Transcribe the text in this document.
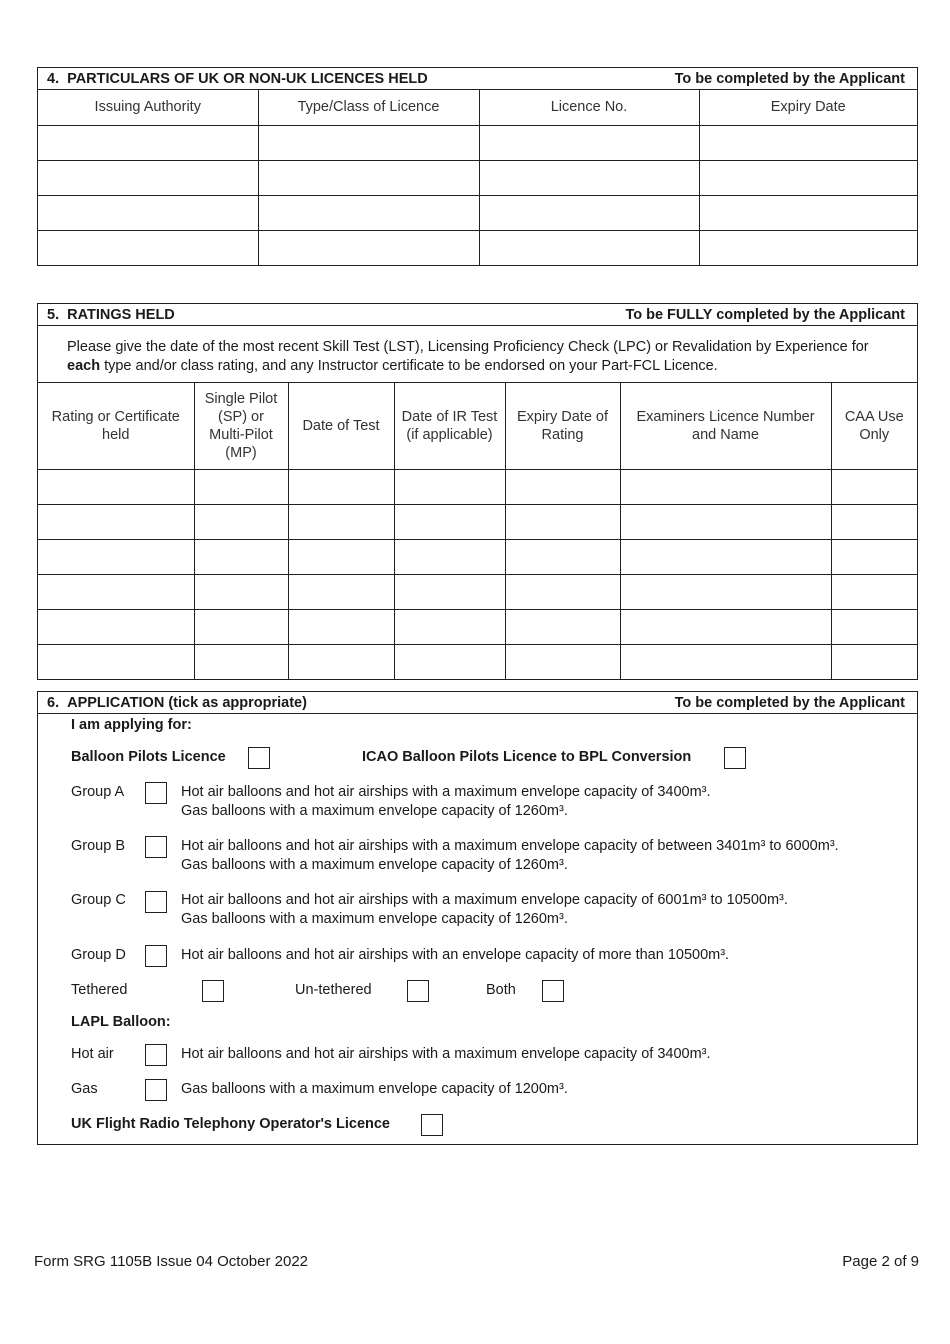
4. PARTICULARS OF UK OR NON-UK LICENCES HELD	To be completed by the Applicant
Issuing Authority	Type/Class of Licence	Licence No.	Expiry Date

5. RATINGS HELD	To be FULLY completed by the Applicant
Please give the date of the most recent Skill Test (LST), Licensing Proficiency Check (LPC) or Revalidation by Experience for each type and/or class rating, and any Instructor certificate to be endorsed on your Part-FCL Licence.
Rating or Certificate held	Single Pilot (SP) or Multi-Pilot (MP)	Date of Test	Date of IR Test (if applicable)	Expiry Date of Rating	Examiners Licence Number and Name	CAA Use Only

6. APPLICATION (tick as appropriate)	To be completed by the Applicant
I am applying for:
Balloon Pilots Licence	ICAO Balloon Pilots Licence to BPL Conversion
Group A	Hot air balloons and hot air airships with a maximum envelope capacity of 3400m³.
Gas balloons with a maximum envelope capacity of 1260m³.
Group B	Hot air balloons and hot air airships with a maximum envelope capacity of between 3401m³ to 6000m³.
Gas balloons with a maximum envelope capacity of 1260m³.
Group C	Hot air balloons and hot air airships with a maximum envelope capacity of 6001m³ to 10500m³.
Gas balloons with a maximum envelope capacity of 1260m³.
Group D	Hot air balloons and hot air airships with an envelope capacity of more than 10500m³.
Tethered	Un-tethered	Both
LAPL Balloon:
Hot air	Hot air balloons and hot air airships with a maximum envelope capacity of 3400m³.
Gas	Gas balloons with a maximum envelope capacity of 1200m³.
UK Flight Radio Telephony Operator's Licence
Form SRG 1105B Issue 04 October 2022	Page 2 of 9
